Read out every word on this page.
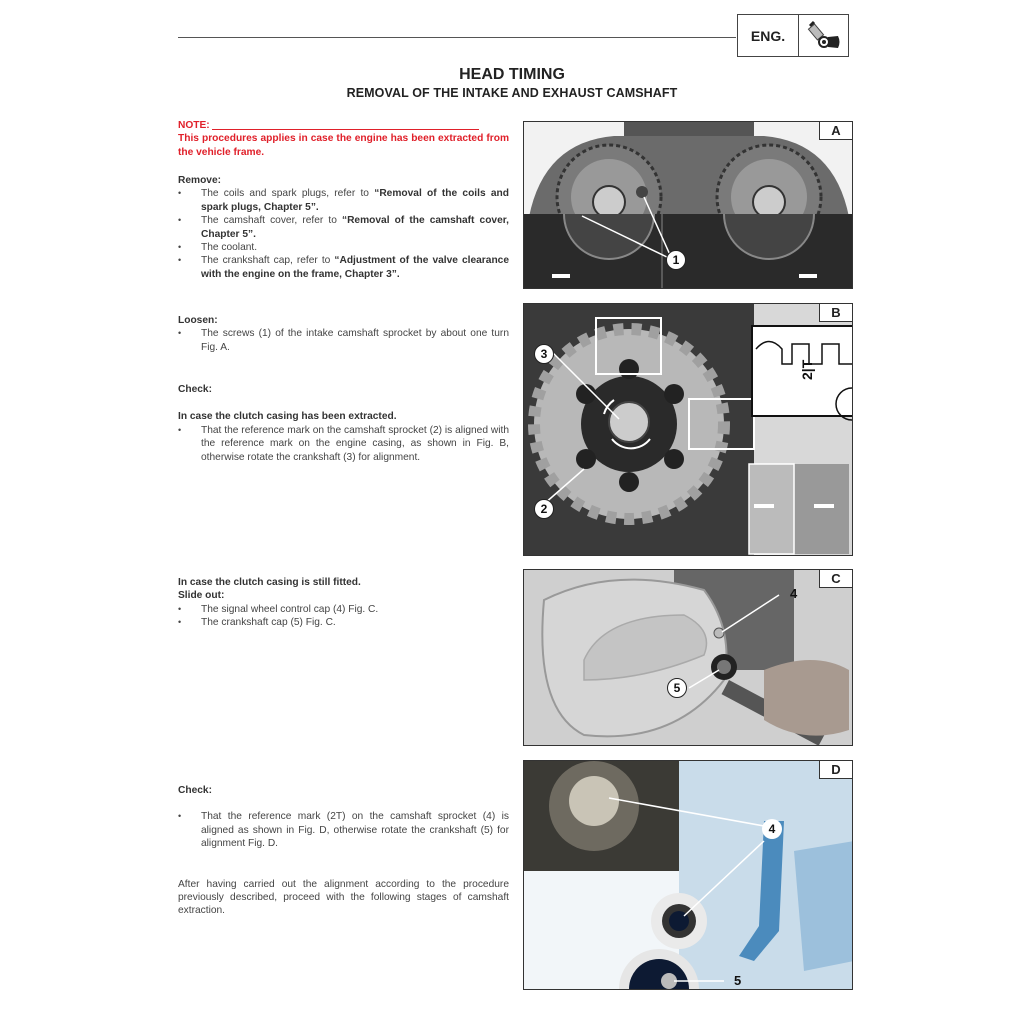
ENG.
HEAD TIMING
REMOVAL OF THE INTAKE AND EXHAUST CAMSHAFT
NOTE:
This procedures applies in case the engine has been extracted from the vehicle frame.
Remove:
• The coils and spark plugs, refer to “Removal of the coils and spark plugs, Chapter 5”.
• The camshaft cover, refer to “Removal of the camshaft cover, Chapter 5”.
• The coolant.
• The crankshaft cap, refer to “Adjustment of the valve clearance with the engine on the frame, Chapter 3”.
Loosen:
• The screws (1) of the intake camshaft sprocket by about one turn Fig. A.
Check:
In case the clutch casing has been extracted.
• That the reference mark on the camshaft sprocket (2) is aligned with the reference mark on the engine casing, as shown in Fig. B, otherwise rotate the crankshaft (3) for alignment.
In case the clutch casing is still fitted.
Slide out:
• The signal wheel control cap (4) Fig. C.
• The crankshaft cap (5) Fig. C.
Check:
• That the reference mark (2T) on the camshaft sprocket (4) is aligned as shown in Fig. D, otherwise rotate the crankshaft (5) for alignment Fig. D.
After having carried out the alignment according to the procedure previously described, proceed with the following stages of camshaft extraction.
1
A
2|T
3
2
B
4
5
C
4
5
D
